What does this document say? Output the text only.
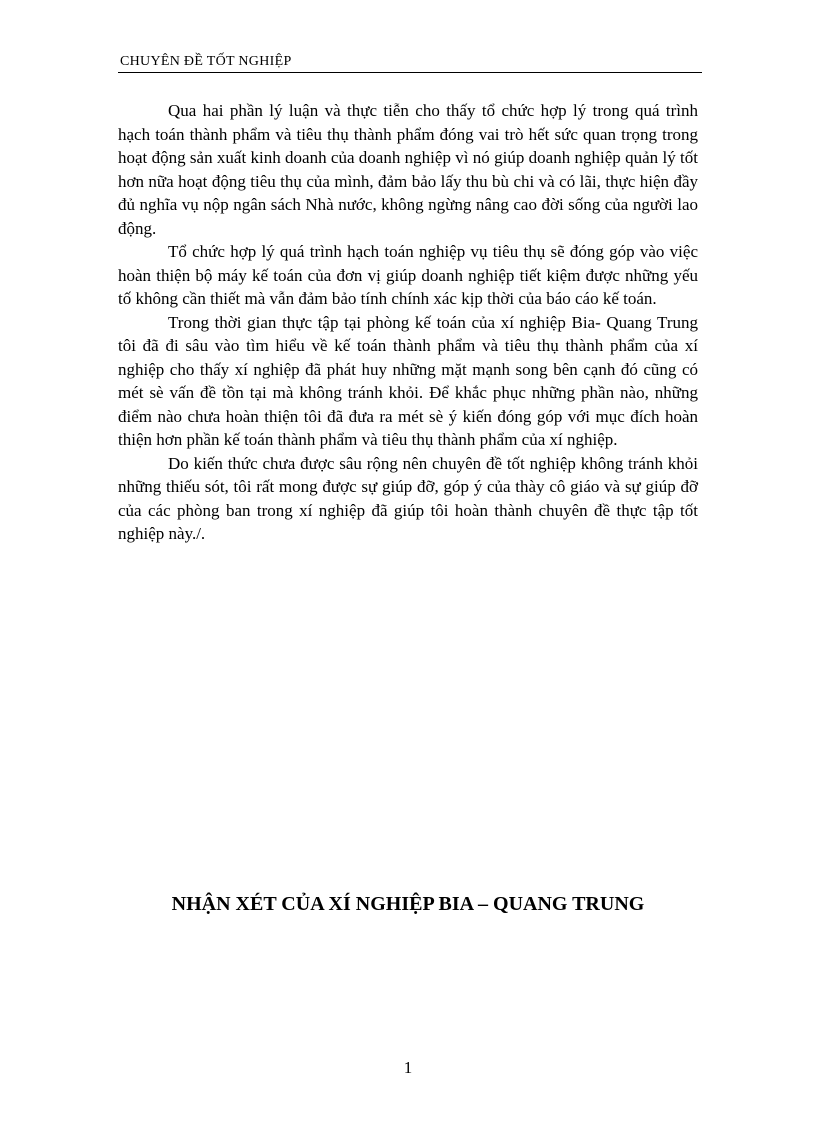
CHUYÊN ĐỀ TỐT NGHIỆP

Qua hai phần lý luận và thực tiễn cho thấy tổ chức hợp lý trong quá trình hạch toán thành phẩm và tiêu thụ thành phẩm đóng vai trò hết sức quan trọng trong hoạt động sản xuất kinh doanh của doanh nghiệp vì nó giúp doanh nghiệp quản lý tốt hơn nữa hoạt động tiêu thụ của mình, đảm bảo lấy thu bù chi và có lãi, thực hiện đầy đủ nghĩa vụ nộp ngân sách Nhà nước, không ngừng nâng cao đời sống của người lao động.

Tổ chức hợp lý quá trình hạch toán nghiệp vụ tiêu thụ sẽ đóng góp vào việc hoàn thiện bộ máy kế toán của đơn vị giúp doanh nghiệp tiết kiệm được những yếu tố không cần thiết mà vẫn đảm bảo tính chính xác kịp thời của báo cáo kế toán.

Trong thời gian thực tập tại phòng kế toán của xí nghiệp Bia- Quang Trung tôi đã đi sâu vào tìm hiểu về kế toán thành phẩm và tiêu thụ thành phẩm của xí nghiệp cho thấy xí nghiệp đã phát huy những mặt mạnh song bên cạnh đó cũng có mét sè vấn đề tồn tại mà không tránh khỏi. Để khắc phục những phần nào, những điểm nào chưa hoàn thiện tôi đã đưa ra mét sè ý kiến đóng góp với mục đích hoàn thiện hơn phần kế toán thành phẩm và tiêu thụ thành phẩm của xí nghiệp.

Do kiến thức chưa được sâu rộng nên chuyên đề tốt nghiệp không tránh khỏi những thiếu sót, tôi rất mong được sự giúp đỡ, góp ý của thày cô giáo và sự giúp đỡ của các phòng ban trong xí nghiệp đã giúp tôi hoàn thành chuyên đề thực tập tốt nghiệp này./.

NHẬN XÉT CỦA XÍ NGHIỆP BIA – QUANG TRUNG
1
